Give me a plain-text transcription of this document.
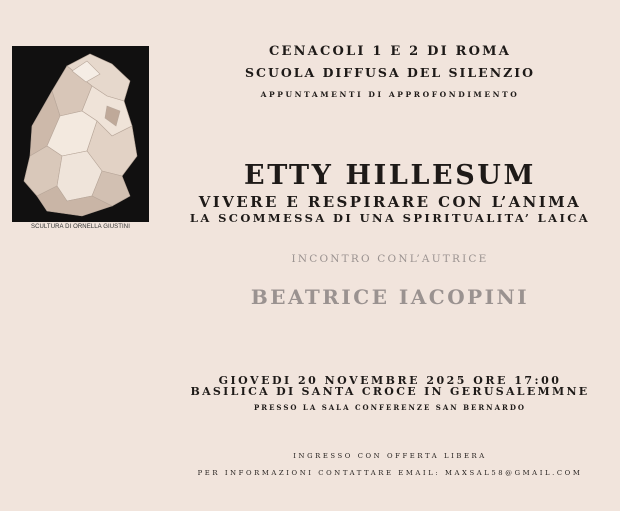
SCULTURA DI ORNELLA GIUSTINI
CENACOLI 1 E 2 DI ROMA
SCUOLA DIFFUSA DEL SILENZIO
APPUNTAMENTI DI APPROFONDIMENTO
ETTY HILLESUM
VIVERE E RESPIRARE CON L’ANIMA
LA SCOMMESSA DI UNA SPIRITUALITA’ LAICA
INCONTRO CONL’AUTRICE
BEATRICE IACOPINI
GIOVEDI 20 NOVEMBRE 2025 ORE 17:00
BASILICA DI SANTA CROCE IN GERUSALEMMNE
PRESSO LA SALA CONFERENZE SAN BERNARDO
INGRESSO CON OFFERTA LIBERA
PER INFORMAZIONI CONTATTARE EMAIL: MAXSAL58@GMAIL.COM
